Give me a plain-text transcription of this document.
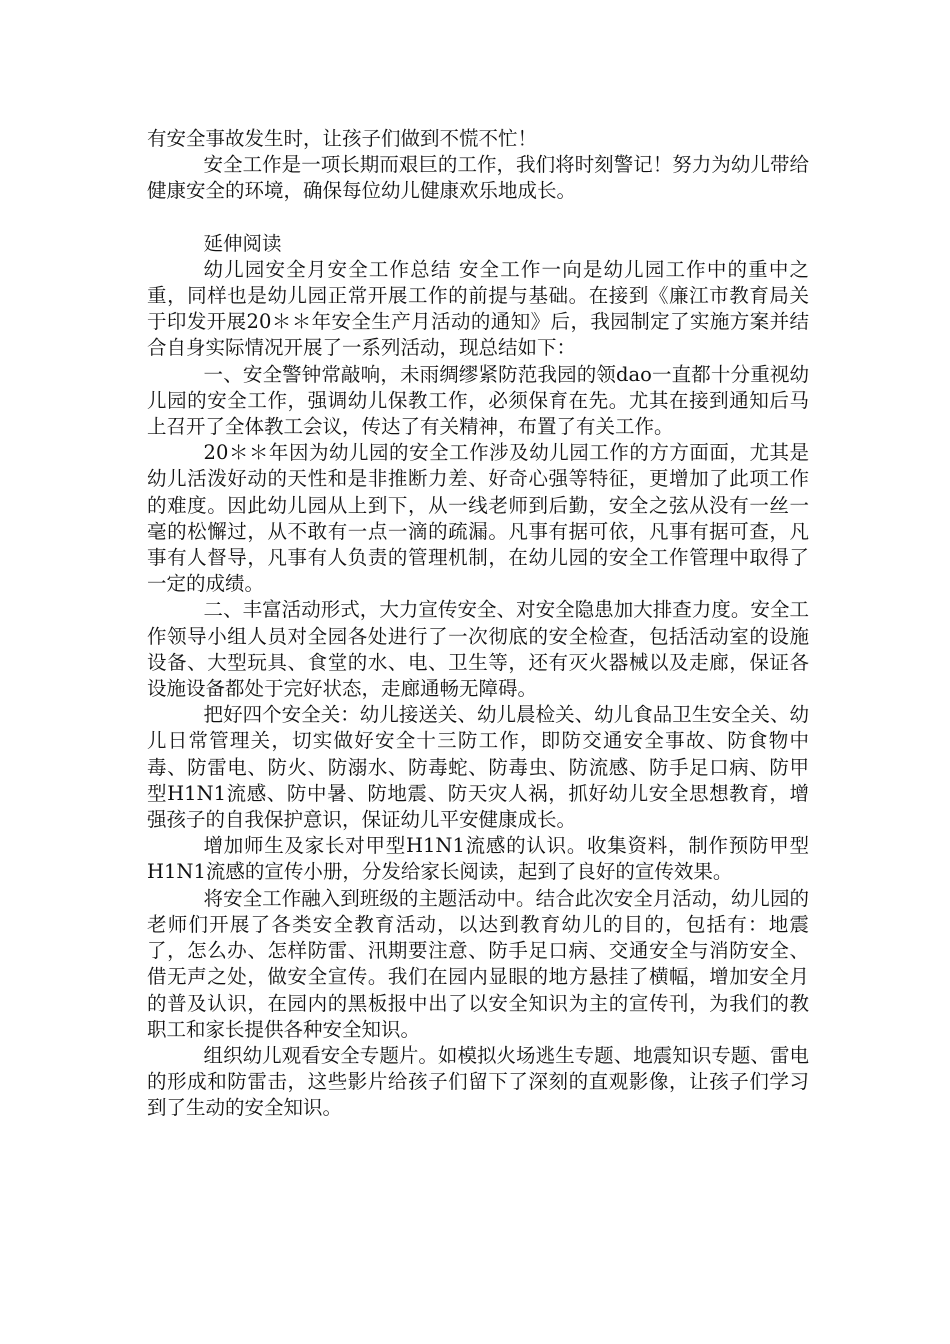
有安全事故发生时，让孩子们做到不慌不忙！

安全工作是一项长期而艰巨的工作，我们将时刻警记！努力为幼儿带给健康安全的环境，确保每位幼儿健康欢乐地成长。

延伸阅读

幼儿园安全月安全工作总结 安全工作一向是幼儿园工作中的重中之重，同样也是幼儿园正常开展工作的前提与基础。在接到《廉江市教育局关于印发开展20＊＊年安全生产月活动的通知》后，我园制定了实施方案并结合自身实际情况开展了一系列活动，现总结如下：

一、安全警钟常敲响，未雨绸缪紧防范我园的领dao一直都十分重视幼儿园的安全工作，强调幼儿保教工作，必须保育在先。尤其在接到通知后马上召开了全体教工会议，传达了有关精神，布置了有关工作。

20＊＊年因为幼儿园的安全工作涉及幼儿园工作的方方面面，尤其是幼儿活泼好动的天性和是非推断力差、好奇心强等特征，更增加了此项工作的难度。因此幼儿园从上到下，从一线老师到后勤，安全之弦从没有一丝一毫的松懈过，从不敢有一点一滴的疏漏。凡事有据可依，凡事有据可查，凡事有人督导，凡事有人负责的管理机制，在幼儿园的安全工作管理中取得了一定的成绩。

二、丰富活动形式，大力宣传安全、对安全隐患加大排查力度。安全工作领导小组人员对全园各处进行了一次彻底的安全检查，包括活动室的设施设备、大型玩具、食堂的水、电、卫生等，还有灭火器械以及走廊，保证各设施设备都处于完好状态，走廊通畅无障碍。

把好四个安全关：幼儿接送关、幼儿晨检关、幼儿食品卫生安全关、幼儿日常管理关，切实做好安全十三防工作，即防交通安全事故、防食物中毒、防雷电、防火、防溺水、防毒蛇、防毒虫、防流感、防手足口病、防甲型H1N1流感、防中暑、防地震、防天灾人祸，抓好幼儿安全思想教育，增强孩子的自我保护意识，保证幼儿平安健康成长。

增加师生及家长对甲型H1N1流感的认识。收集资料，制作预防甲型H1N1流感的宣传小册，分发给家长阅读，起到了良好的宣传效果。

将安全工作融入到班级的主题活动中。结合此次安全月活动，幼儿园的老师们开展了各类安全教育活动，以达到教育幼儿的目的，包括有：地震了，怎么办、怎样防雷、汛期要注意、防手足口病、交通安全与消防安全、借无声之处，做安全宣传。我们在园内显眼的地方悬挂了横幅，增加安全月的普及认识，在园内的黑板报中出了以安全知识为主的宣传刊，为我们的教职工和家长提供各种安全知识。

组织幼儿观看安全专题片。如模拟火场逃生专题、地震知识专题、雷电的形成和防雷击，这些影片给孩子们留下了深刻的直观影像，让孩子们学习到了生动的安全知识。
